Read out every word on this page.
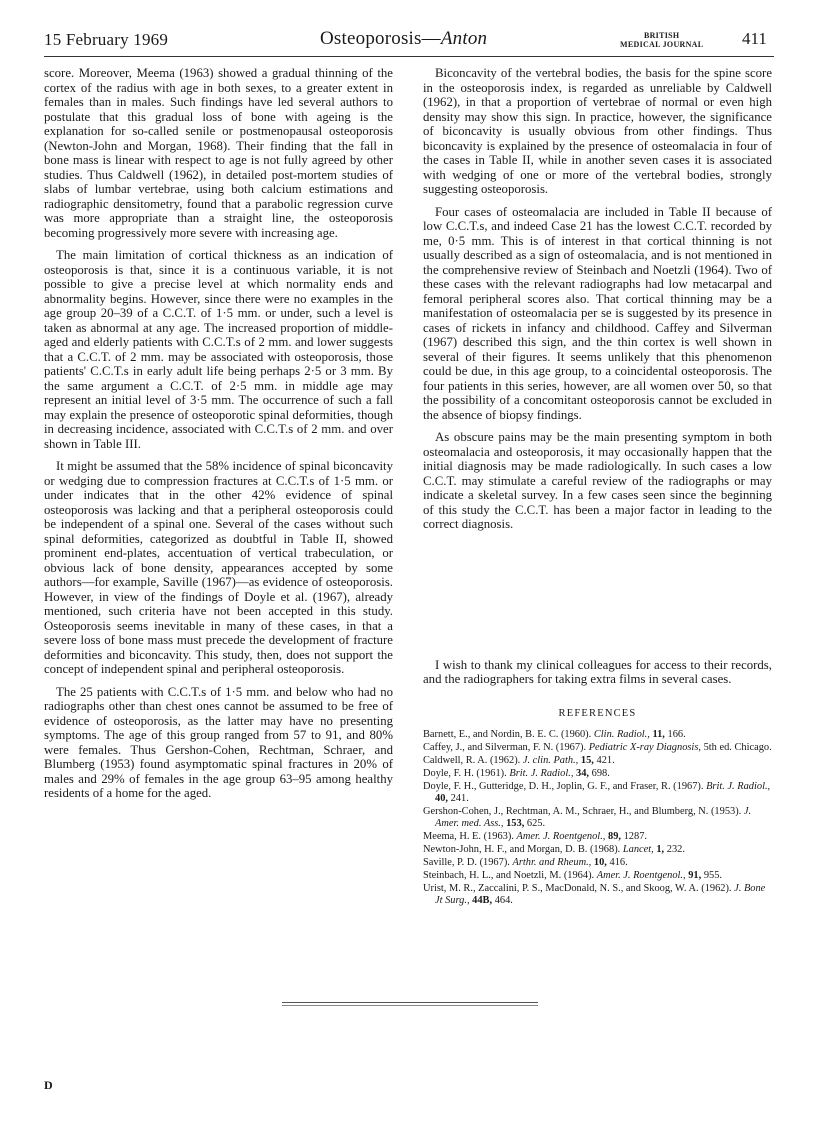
15 February 1969	Osteoporosis—Anton	BRITISH
MEDICAL JOURNAL 411

score. Moreover, Meema (1963) showed a gradual thinning of the cortex of the radius with age in both sexes, to a greater extent in females than in males. Such findings have led several authors to postulate that this gradual loss of bone with ageing is the explanation for so-called senile or postmenopausal osteoporosis (Newton-John and Morgan, 1968). Their finding that the fall in bone mass is linear with respect to age is not fully agreed by other studies. Thus Caldwell (1962), in detailed post-mortem studies of slabs of lumbar vertebrae, using both calcium estimations and radiographic densitometry, found that a parabolic regression curve was more appropriate than a straight line, the osteoporosis becoming progressively more severe with increasing age.

The main limitation of cortical thickness as an indication of osteoporosis is that, since it is a continuous variable, it is not possible to give a precise level at which normality ends and abnormality begins. However, since there were no examples in the age group 20–39 of a C.C.T. of 1·5 mm. or under, such a level is taken as abnormal at any age. The increased proportion of middle-aged and elderly patients with C.C.T.s of 2 mm. and lower suggests that a C.C.T. of 2 mm. may be associated with osteoporosis, those patients' C.C.T.s in early adult life being perhaps 2·5 or 3 mm. By the same argument a C.C.T. of 2·5 mm. in middle age may represent an initial level of 3·5 mm. The occurrence of such a fall may explain the presence of osteoporotic spinal deformities, though in decreasing incidence, associated with C.C.T.s of 2 mm. and over shown in Table III.

It might be assumed that the 58% incidence of spinal biconcavity or wedging due to compression fractures at C.C.T.s of 1·5 mm. or under indicates that in the other 42% evidence of spinal osteoporosis was lacking and that a peripheral osteoporosis could be independent of a spinal one. Several of the cases without such spinal deformities, categorized as doubtful in Table II, showed prominent end-plates, accentuation of vertical trabeculation, or obvious lack of bone density, appearances accepted by some authors—for example, Saville (1967)—as evidence of osteoporosis. However, in view of the findings of Doyle et al. (1967), already mentioned, such criteria have not been accepted in this study. Osteoporosis seems inevitable in many of these cases, in that a severe loss of bone mass must precede the development of fracture deformities and biconcavity. This study, then, does not support the concept of independent spinal and peripheral osteoporosis.

The 25 patients with C.C.T.s of 1·5 mm. and below who had no radiographs other than chest ones cannot be assumed to be free of evidence of osteoporosis, as the latter may have no presenting symptoms. The age of this group ranged from 57 to 91, and 80% were females. Thus Gershon-Cohen, Rechtman, Schraer, and Blumberg (1953) found asymptomatic spinal fractures in 20% of males and 29% of females in the age group 63–95 among healthy residents of a home for the aged.

Biconcavity of the vertebral bodies, the basis for the spine score in the osteoporosis index, is regarded as unreliable by Caldwell (1962), in that a proportion of vertebrae of normal or even high density may show this sign. In practice, however, the significance of biconcavity is usually obvious from other findings. Thus biconcavity is explained by the presence of osteomalacia in four of the cases in Table II, while in another seven cases it is associated with wedging of one or more of the vertebral bodies, strongly suggesting osteoporosis.

Four cases of osteomalacia are included in Table II because of low C.C.T.s, and indeed Case 21 has the lowest C.C.T. recorded by me, 0·5 mm. This is of interest in that cortical thinning is not usually described as a sign of osteomalacia, and is not mentioned in the comprehensive review of Steinbach and Noetzli (1964). Two of these cases with the relevant radiographs had low metacarpal and femoral peripheral scores also. That cortical thinning may be a manifestation of osteomalacia per se is suggested by its presence in cases of rickets in infancy and childhood. Caffey and Silverman (1967) described this sign, and the thin cortex is well shown in several of their figures. It seems unlikely that this phenomenon could be due, in this age group, to a coincidental osteoporosis. The four patients in this series, however, are all women over 50, so that the possibility of a concomitant osteoporosis cannot be excluded in the absence of biopsy findings.

As obscure pains may be the main presenting symptom in both osteomalacia and osteoporosis, it may occasionally happen that the initial diagnosis may be made radiologically. In such cases a low C.C.T. may stimulate a careful review of the radiographs or may indicate a skeletal survey. In a few cases seen since the beginning of this study the C.C.T. has been a major factor in leading to the correct diagnosis.

I wish to thank my clinical colleagues for access to their records, and the radiographers for taking extra films in several cases.

REFERENCES
Barnett, E., and Nordin, B. E. C. (1960). Clin. Radiol., 11, 166.
Caffey, J., and Silverman, F. N. (1967). Pediatric X-ray Diagnosis, 5th ed. Chicago.
Caldwell, R. A. (1962). J. clin. Path., 15, 421.
Doyle, F. H. (1961). Brit. J. Radiol., 34, 698.
Doyle, F. H., Gutteridge, D. H., Joplin, G. F., and Fraser, R. (1967). Brit. J. Radiol., 40, 241.
Gershon-Cohen, J., Rechtman, A. M., Schraer, H., and Blumberg, N. (1953). J. Amer. med. Ass., 153, 625.
Meema, H. E. (1963). Amer. J. Roentgenol., 89, 1287.
Newton-John, H. F., and Morgan, D. B. (1968). Lancet, 1, 232.
Saville, P. D. (1967). Arthr. and Rheum., 10, 416.
Steinbach, H. L., and Noetzli, M. (1964). Amer. J. Roentgenol., 91, 955.
Urist, M. R., Zaccalini, P. S., MacDonald, N. S., and Skoog, W. A. (1962). J. Bone Jt Surg., 44B, 464.
D
